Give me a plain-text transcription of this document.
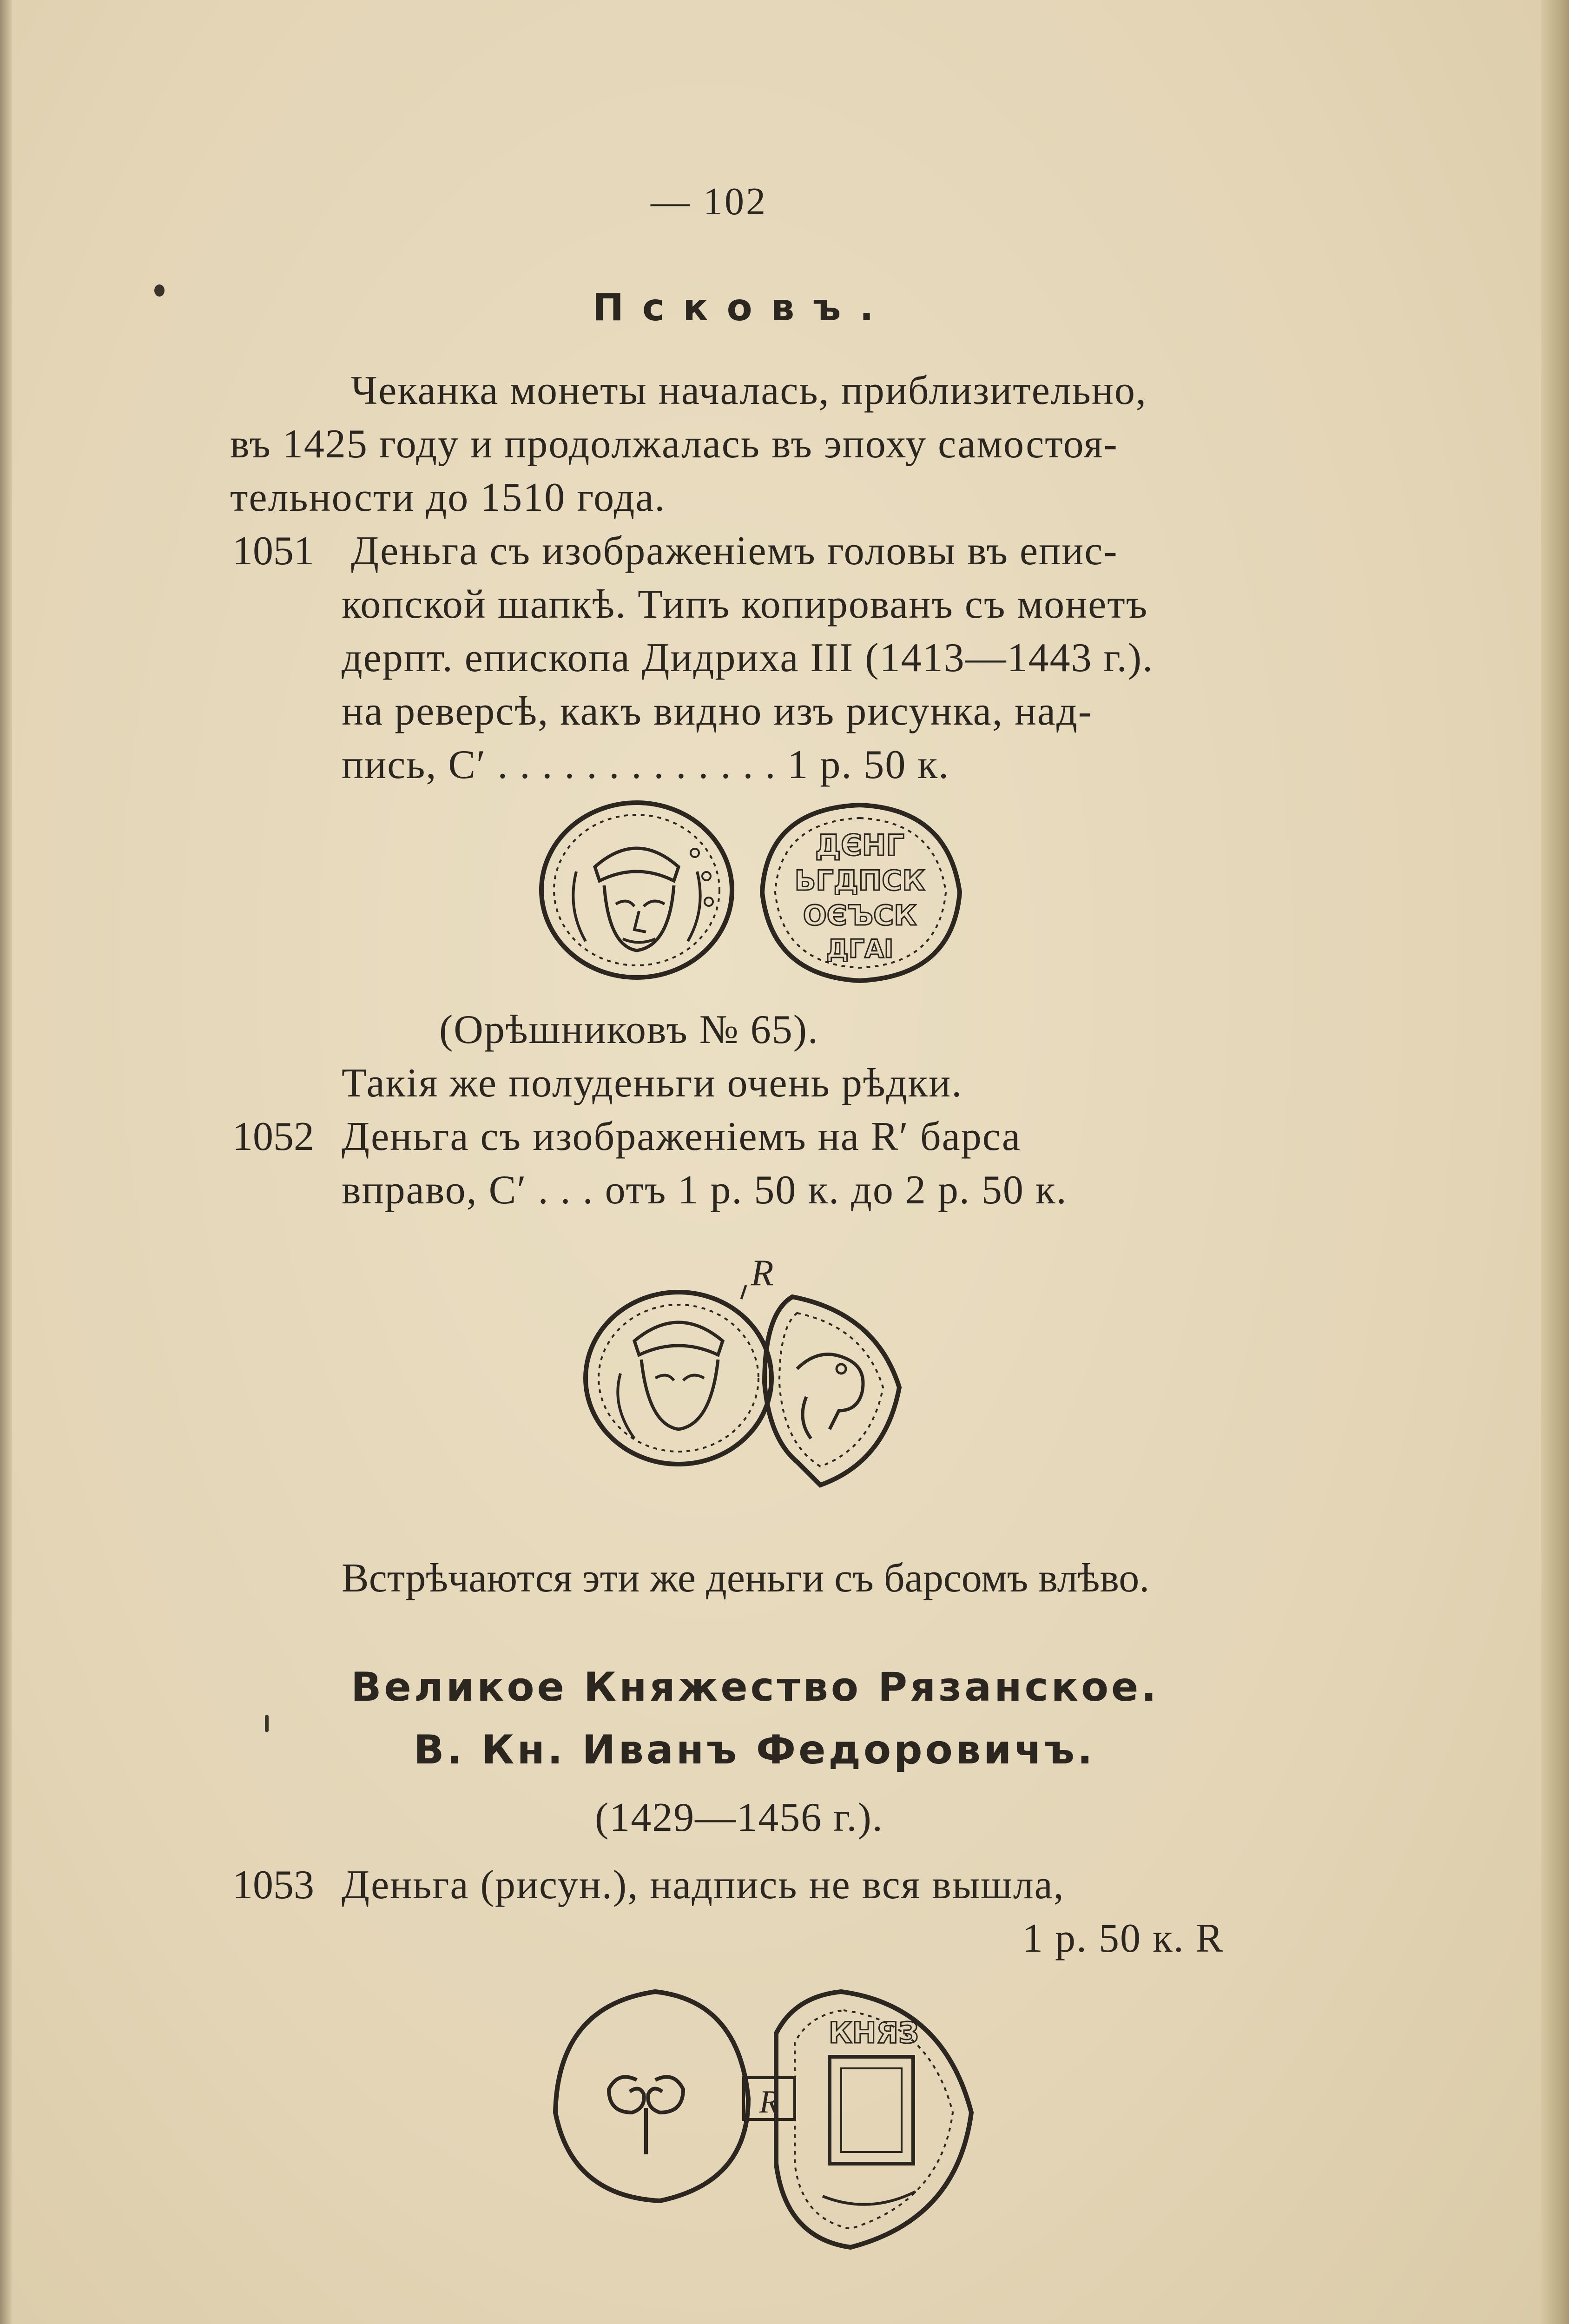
— 102
Псковъ.
Чеканка монеты началась, приблизительно,
въ 1425 году и продолжалась въ эпоху самостоя-
тельности до 1510 года.
1051 Деньга съ изображеніемъ головы въ епис-
копской шапкѣ. Типъ копированъ съ монетъ
дерпт. епископа Дидриха III (1413—1443 г.).
на реверсѣ, какъ видно изъ рисунка, над-
пись, С′ . . . . . . . . . . . . . 1 р. 50 к.
ДЄНГ
ЬГДПСК
ОЄЪСК
ДГАІ
(Орѣшниковъ № 65).
Такія же полуденьги очень рѣдки.
1052 Деньга съ изображеніемъ на R′ барса
вправо, С′ . . . отъ 1 р. 50 к. до 2 р. 50 к.
R
Встрѣчаются эти же деньги съ барсомъ влѣво.
Великое Княжество Рязанское.
В. Кн. Иванъ Федоровичъ.
(1429—1456 г.).
1053 Деньга (рисун.), надпись не вся вышла,
1 р. 50 к. R
R
КНЯЗ
